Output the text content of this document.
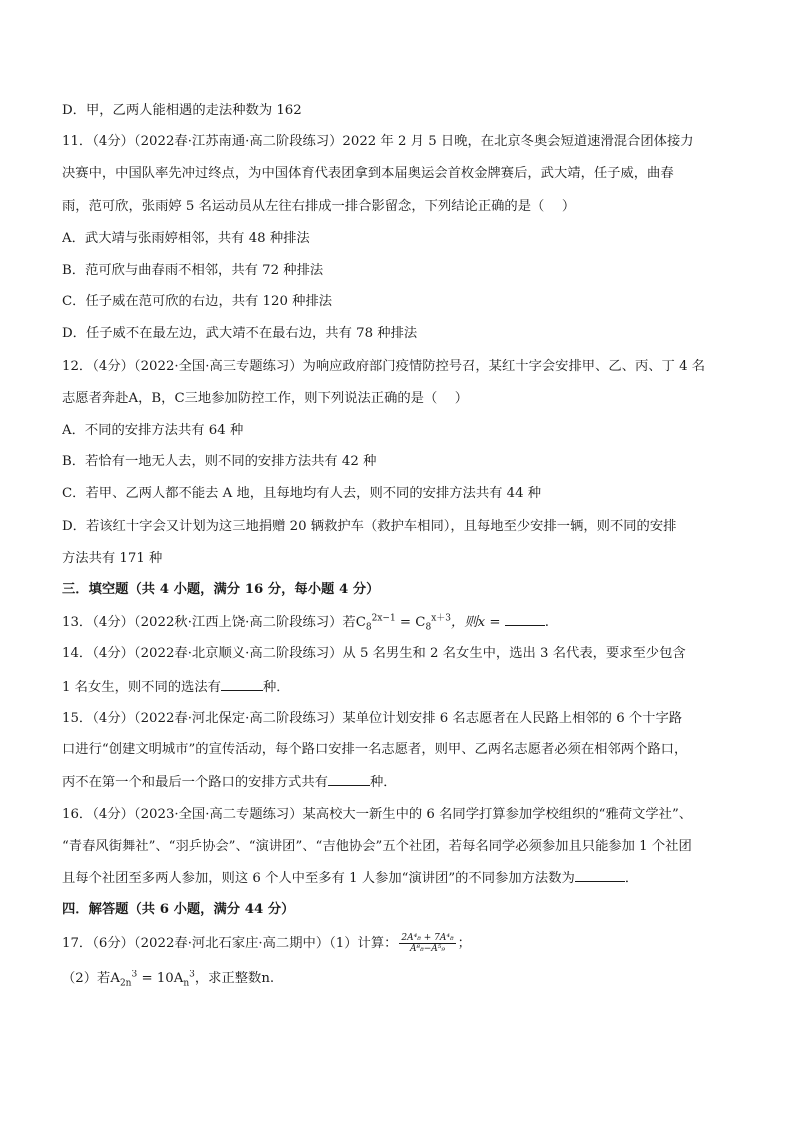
D．甲，乙两人能相遇的走法种数为 162
11．（4分）（2022春·江苏南通·高二阶段练习）2022 年 2 月 5 日晚，在北京冬奥会短道速滑混合团体接力
决赛中，中国队率先冲过终点，为中国体育代表团拿到本届奥运会首枚金牌赛后，武大靖，任子威，曲春
雨，范可欣，张雨婷 5 名运动员从左往右排成一排合影留念，下列结论正确的是（　 ）
A．武大靖与张雨婷相邻，共有 48 种排法
B．范可欣与曲春雨不相邻，共有 72 种排法
C．任子威在范可欣的右边，共有 120 种排法
D．任子威不在最左边，武大靖不在最右边，共有 78 种排法
12．（4分）（2022·全国·高三专题练习）为响应政府部门疫情防控号召，某红十字会安排甲、乙、丙、丁 4 名
志愿者奔赴A，B，C三地参加防控工作，则下列说法正确的是（　 ）
A．不同的安排方法共有 64 种
B．若恰有一地无人去，则不同的安排方法共有 42 种
C．若甲、乙两人都不能去 A 地，且每地均有人去，则不同的安排方法共有 44 种
D．若该红十字会又计划为这三地捐赠 20 辆救护车（救护车相同），且每地至少安排一辆，则不同的安排
方法共有 171 种
三．填空题（共 4 小题，满分 16 分，每小题 4 分）
13．（4分）（2022秋·江西上饶·高二阶段练习）若$C_8^{2x-1} = C_8^{x+3}$，则x =	.
14．（4分）（2022春·北京顺义·高二阶段练习）从 5 名男生和 2 名女生中，选出 3 名代表，要求至少包含
1 名女生，则不同的选法有	种．
15．（4分）（2022春·河北保定·高二阶段练习）某单位计划安排 6 名志愿者在人民路上相邻的 6 个十字路
口进行“创建文明城市”的宣传活动，每个路口安排一名志愿者，则甲、乙两名志愿者必须在相邻两个路口，
丙不在第一个和最后一个路口的安排方式共有	种．
16．（4分）（2023·全国·高二专题练习）某高校大一新生中的 6 名同学打算参加学校组织的“雅荷文学社”、
“青春风街舞社”、“羽乒协会”、“演讲团”、“吉他协会”五个社团，若每名同学必须参加且只能参加 1 个社团
且每个社团至多两人参加，则这 6 个人中至多有 1 人参加“演讲团”的不同参加方法数为	．
四．解答题（共 6 小题，满分 44 分）
17．（6分）（2022春·河北石家庄·高二期中）（1）计算： $\frac{\text{2A⁴₈ + 7A⁴₈}}{\text{A⁸₈−A⁵₉}}$ ；
（2）若$A_{2n}^3 = 10A_n^3$，求正整数n.
